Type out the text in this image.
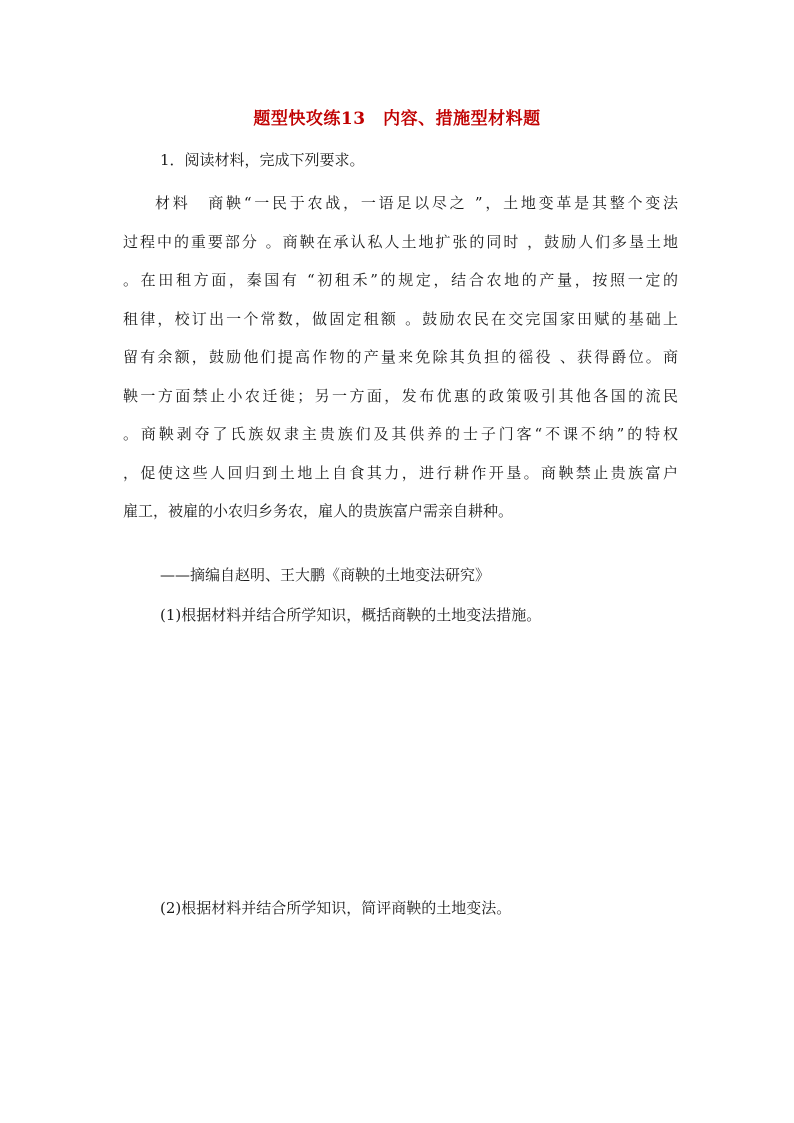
题型快攻练13　内容、措施型材料题
1．阅读材料，完成下列要求。
材料　商鞅“一民于农战，一语足以尽之 ”，土地变革是其整个变法
过程中的重要部分 。商鞅在承认私人土地扩张的同时 ，鼓励人们多垦土地
。在田租方面，秦国有 “初租禾”的规定，结合农地的产量，按照一定的
租律，校订出一个常数，做固定租额 。鼓励农民在交完国家田赋的基础上
留有余额，鼓励他们提高作物的产量来免除其负担的徭役 、获得爵位。商
鞅一方面禁止小农迁徙；另一方面，发布优惠的政策吸引其他各国的流民
。商鞅剥夺了氏族奴隶主贵族们及其供养的士子门客“不课不纳”的特权
，促使这些人回归到土地上自食其力，进行耕作开垦。商鞅禁止贵族富户
雇工，被雇的小农归乡务农，雇人的贵族富户需亲自耕种。
——摘编自赵明、王大鹏《商鞅的土地变法研究》
(1)根据材料并结合所学知识，概括商鞅的土地变法措施。
(2)根据材料并结合所学知识，简评商鞅的土地变法。
